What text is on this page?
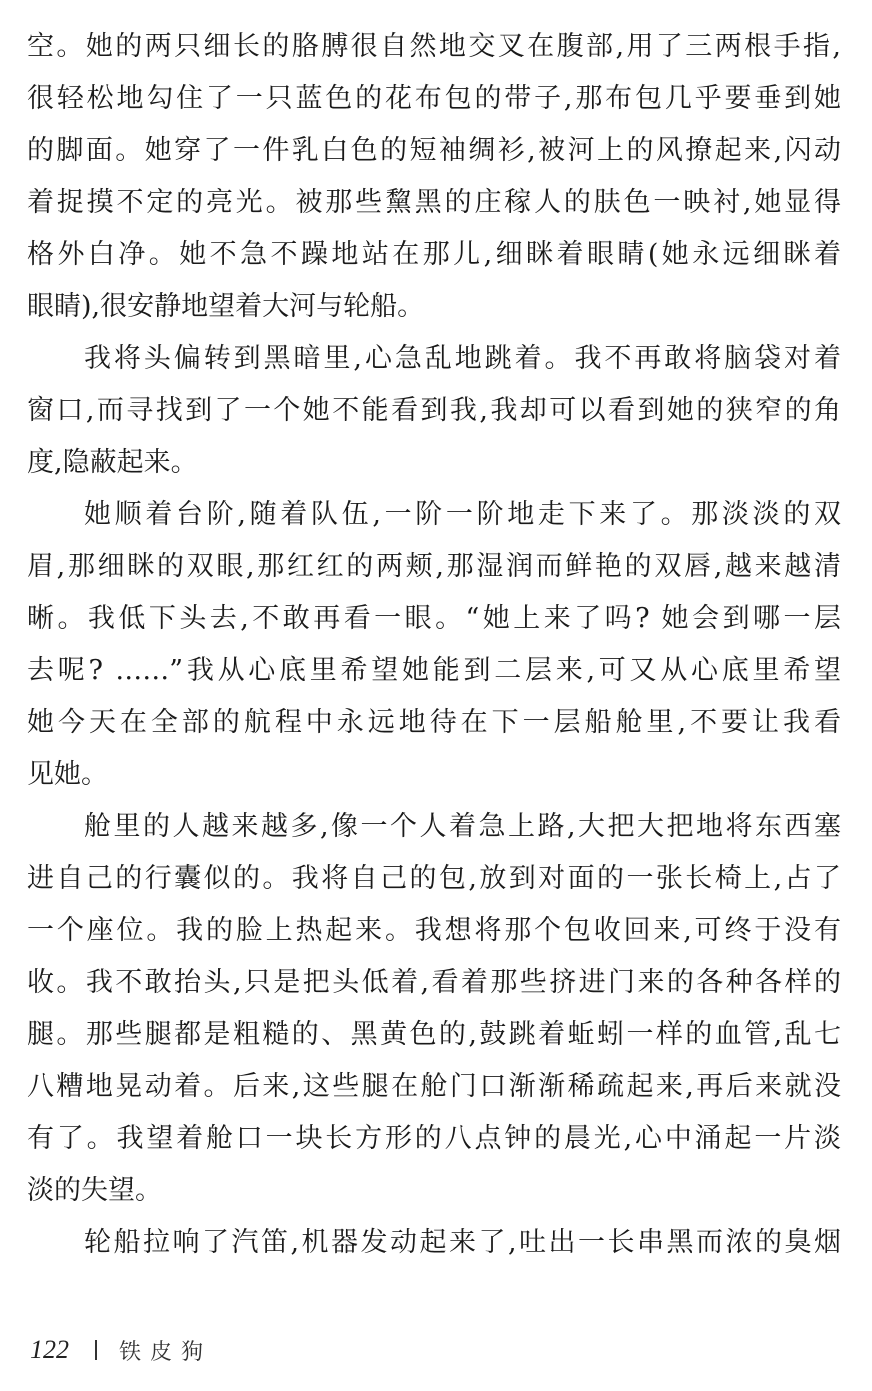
空。她的两只细长的胳膊很自然地交叉在腹部,用了三两根手指,
很轻松地勾住了一只蓝色的花布包的带子,那布包几乎要垂到她
的脚面。她穿了一件乳白色的短袖绸衫,被河上的风撩起来,闪动
着捉摸不定的亮光。被那些黧黑的庄稼人的肤色一映衬,她显得
格外白净。她不急不躁地站在那儿,细眯着眼睛(她永远细眯着
眼睛),很安静地望着大河与轮船。
我将头偏转到黑暗里,心急乱地跳着。我不再敢将脑袋对着
窗口,而寻找到了一个她不能看到我,我却可以看到她的狭窄的角
度,隐蔽起来。
她顺着台阶,随着队伍,一阶一阶地走下来了。那淡淡的双
眉,那细眯的双眼,那红红的两颊,那湿润而鲜艳的双唇,越来越清
晰。我低下头去,不敢再看一眼。“她上来了吗? 她会到哪一层
去呢? ……”我从心底里希望她能到二层来,可又从心底里希望
她今天在全部的航程中永远地待在下一层船舱里,不要让我看
见她。
舱里的人越来越多,像一个人着急上路,大把大把地将东西塞
进自己的行囊似的。我将自己的包,放到对面的一张长椅上,占了
一个座位。我的脸上热起来。我想将那个包收回来,可终于没有
收。我不敢抬头,只是把头低着,看着那些挤进门来的各种各样的
腿。那些腿都是粗糙的、黑黄色的,鼓跳着蚯蚓一样的血管,乱七
八糟地晃动着。后来,这些腿在舱门口渐渐稀疏起来,再后来就没
有了。我望着舱口一块长方形的八点钟的晨光,心中涌起一片淡
淡的失望。
轮船拉响了汽笛,机器发动起来了,吐出一长串黑而浓的臭烟
122 铁皮狗
